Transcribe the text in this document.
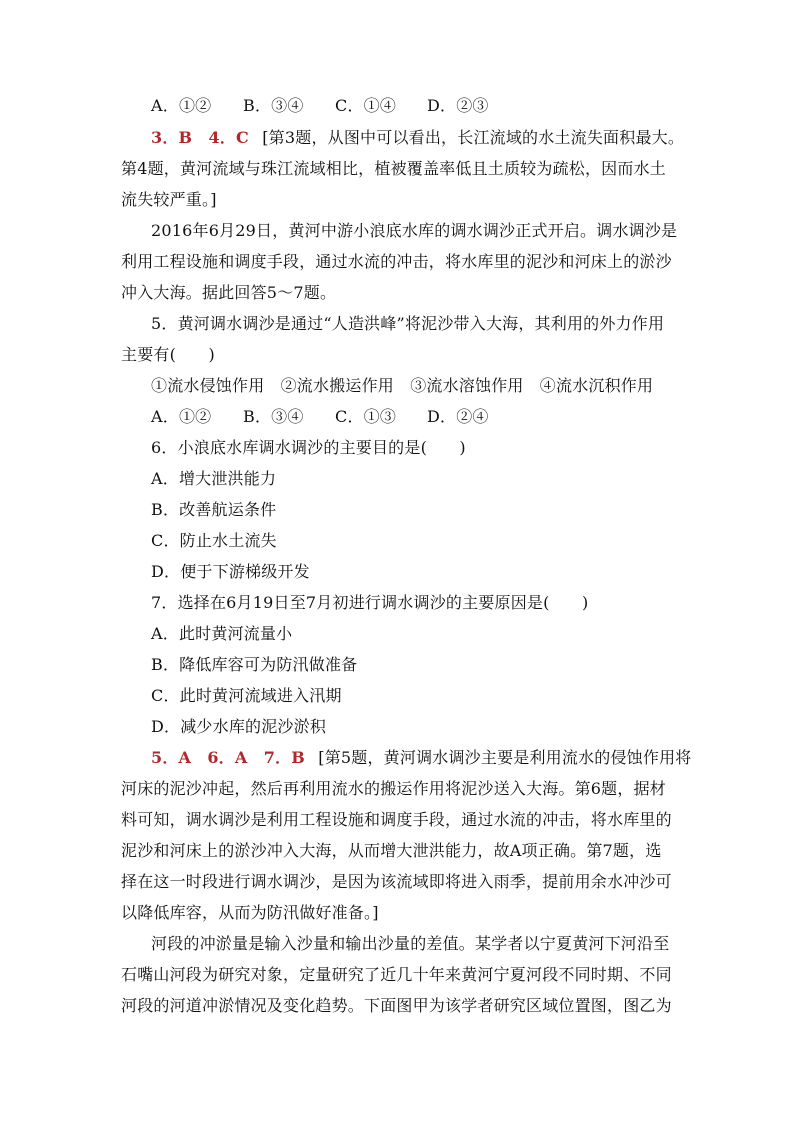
A．①② B．③④ C．①④ D．②③
3．B　4．C [第3题，从图中可以看出，长江流域的水土流失面积最大。
第4题，黄河流域与珠江流域相比，植被覆盖率低且土质较为疏松，因而水土
流失较严重。]
2016年6月29日，黄河中游小浪底水库的调水调沙正式开启。调水调沙是
利用工程设施和调度手段，通过水流的冲击，将水库里的泥沙和河床上的淤沙
冲入大海。据此回答5～7题。
5．黄河调水调沙是通过“人造洪峰”将泥沙带入大海，其利用的外力作用
主要有(　　)
①流水侵蚀作用　②流水搬运作用　③流水溶蚀作用　④流水沉积作用
A．①② B．③④ C．①③ D．②④
6．小浪底水库调水调沙的主要目的是(　　)
A．增大泄洪能力
B．改善航运条件
C．防止水土流失
D．便于下游梯级开发
7．选择在6月19日至7月初进行调水调沙的主要原因是(　　)
A．此时黄河流量小
B．降低库容可为防汛做准备
C．此时黄河流域进入汛期
D．减少水库的泥沙淤积
5．A　6．A　7．B [第5题，黄河调水调沙主要是利用流水的侵蚀作用将
河床的泥沙冲起，然后再利用流水的搬运作用将泥沙送入大海。第6题，据材
料可知，调水调沙是利用工程设施和调度手段，通过水流的冲击，将水库里的
泥沙和河床上的淤沙冲入大海，从而增大泄洪能力，故A项正确。第7题，选
择在这一时段进行调水调沙，是因为该流域即将进入雨季，提前用余水冲沙可
以降低库容，从而为防汛做好准备。]
河段的冲淤量是输入沙量和输出沙量的差值。某学者以宁夏黄河下河沿至
石嘴山河段为研究对象，定量研究了近几十年来黄河宁夏河段不同时期、不同
河段的河道冲淤情况及变化趋势。下面图甲为该学者研究区域位置图，图乙为
